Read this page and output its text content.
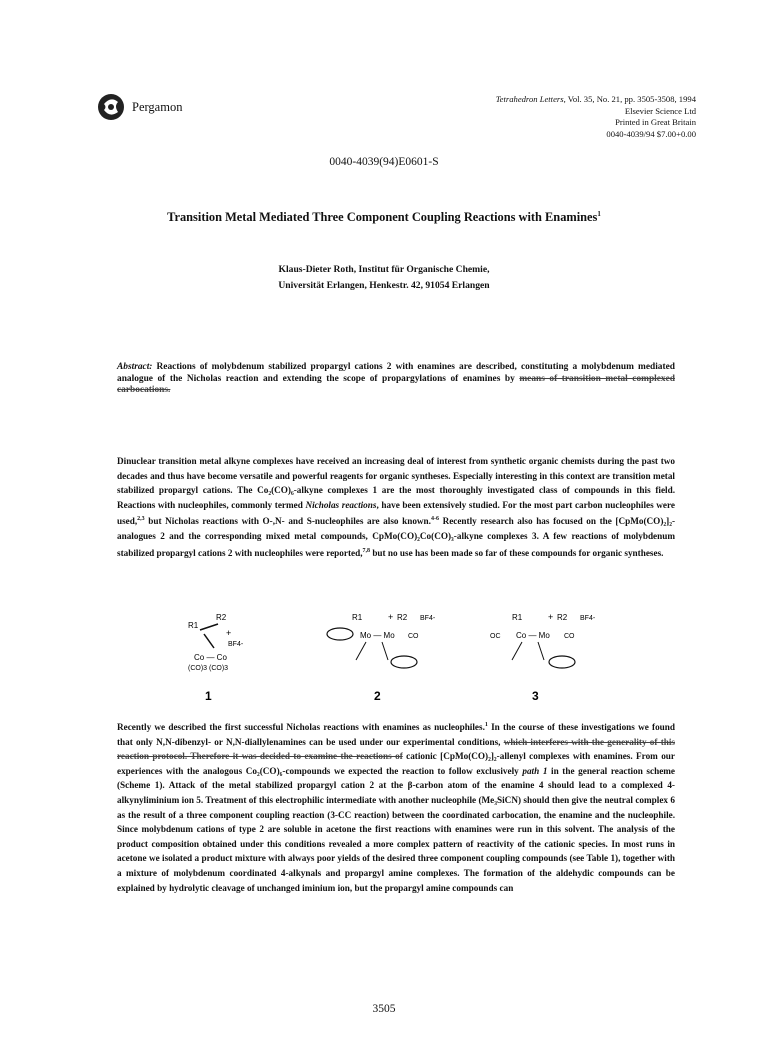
Pergamon
Tetrahedron Letters, Vol. 35, No. 21, pp. 3505-3508, 1994
Elsevier Science Ltd
Printed in Great Britain
0040-4039/94 $7.00+0.00
0040-4039(94)E0601-S
Transition Metal Mediated Three Component Coupling Reactions with Enamines$^1$
Klaus-Dieter Roth, Institut für Organische Chemie,
Universität Erlangen, Henkestr. 42, 91054 Erlangen
Abstract: Reactions of molybdenum stabilized propargyl cations 2 with enamines are described, constituting a molybdenum mediated analogue of the Nicholas reaction and extending the scope of propargylations of enamines by means of transition metal complexed carbocations.
Dinuclear transition metal alkyne complexes have received an increasing deal of interest from synthetic organic chemists during the past two decades and thus have become versatile and powerful reagents for organic syntheses. Especially interesting in this context are transition metal stabilized propargyl cations. The Co₂(CO)₆-alkyne complexes 1 are the most thoroughly investigated class of compounds in this field. Reactions with nucleophiles, commonly termed Nicholas reactions, have been extensively studied. For the most part carbon nucleophiles were used,$^{2,3}$ but Nicholas reactions with O-,N- and S-nucleophiles are also known.$^{4-6}$ Recently research also has focused on the [CpMo(CO)₂]₂-analogues 2 and the corresponding mixed metal compounds, CpMo(CO)₂Co(CO)₃-alkyne complexes 3. A few reactions of molybdenum stabilized propargyl cations 2 with nucleophiles were reported,$^{7,8}$ but no use has been made so far of these compounds for organic syntheses.
R1
R2
+
BF4-
Co — Co
(CO)3 (CO)3
1
R1	+ R2 BF4-
Mo — Mo CO
2
R1	+ R2 BF4-
OC Co — Mo CO
3
Recently we described the first successful Nicholas reactions with enamines as nucleophiles.$^1$ In the course of these investigations we found that only N,N-dibenzyl- or N,N-diallylenamines can be used under our experimental conditions, which interferes with the generality of this reaction protocol. Therefore it was decided to examine the reactions of cationic [CpMo(CO)₂]₂-allenyl complexes with enamines. From our experiences with the analogous Co₂(CO)₆-compounds we expected the reaction to follow exclusively path 1 in the general reaction scheme (Scheme 1). Attack of the metal stabilized propargyl cation 2 at the β-carbon atom of the enamine 4 should lead to a complexed 4-alkynyliminium ion 5. Treatment of this electrophilic intermediate with another nucleophile (Me₃SiCN) should then give the neutral complex 6 as the result of a three component coupling reaction (3-CC reaction) between the coordinated carbocation, the enamine and the nucleophile. Since molybdenum cations of type 2 are soluble in acetone the first reactions with enamines were run in this solvent. The analysis of the product composition obtained under this conditions revealed a more complex pattern of reactivity of the cationic species. In most runs in acetone we isolated a product mixture with always poor yields of the desired three component coupling compounds (see Table 1), together with a mixture of molybdenum coordinated 4-alkynals and propargyl amine complexes. The formation of the aldehydic compounds can be explained by hydrolytic cleavage of unchanged iminium ion, but the propargyl amine compounds can
3505
